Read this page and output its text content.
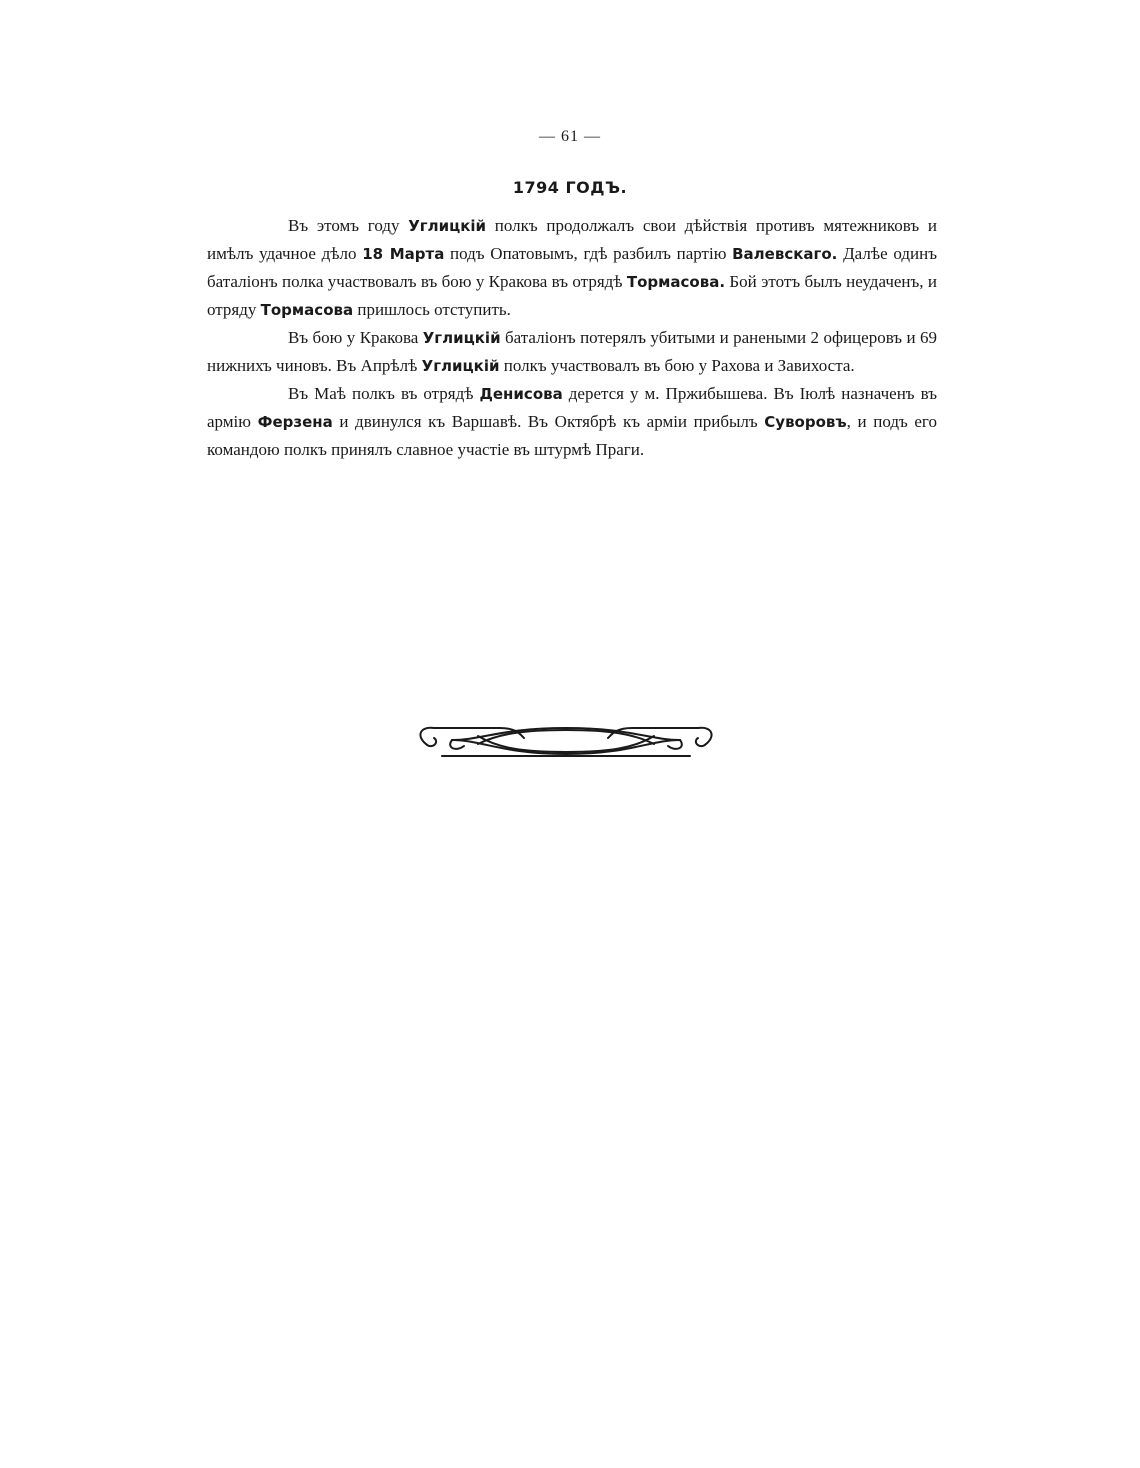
— 61 —
1794 ГОДЪ.

Въ этомъ году Углицкій полкъ продолжалъ свои дѣйствія противъ мятежниковъ и имѣлъ удачное дѣло 18 Марта подъ Опатовымъ, гдѣ разбилъ партію Валевскаго. Далѣе одинъ баталіонъ полка участвовалъ въ бою у Кракова въ отрядѣ Тормасова. Бой этотъ былъ неудаченъ, и отряду Тормасова пришлось отступить.

Въ бою у Кракова Углицкій баталіонъ потерялъ убитыми и ранеными 2 офицеровъ и 69 нижнихъ чиновъ. Въ Апрѣлѣ Углицкій полкъ участвовалъ въ бою у Рахова и Завихоста.

Въ Маѣ полкъ въ отрядѣ Денисова дерется у м. Пржибышева. Въ Іюлѣ назначенъ въ армію Ферзена и двинулся къ Варшавѣ. Въ Октябрѣ къ арміи прибылъ Суворовъ, и подъ его командою полкъ принялъ славное участіе въ штурмѣ Праги.
